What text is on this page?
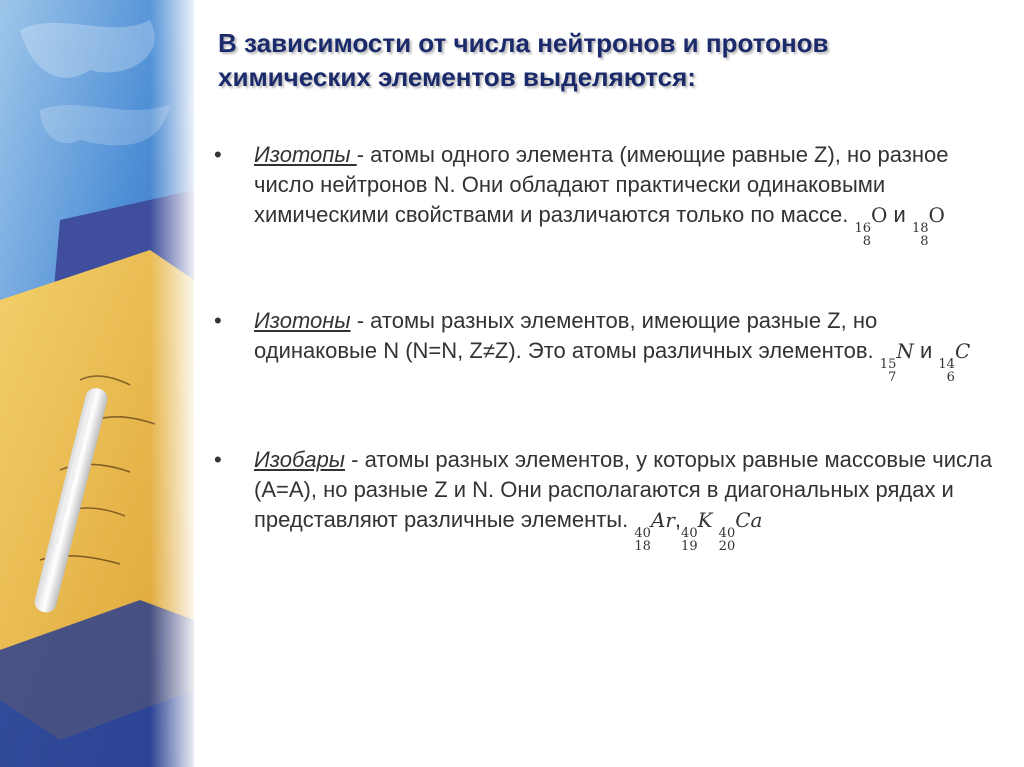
В зависимости от числа нейтронов и протонов химических элементов выделяются:
• Изотопы - атомы одного элемента (имеющие равные Z), но разное число нейтронов N. Они обладают практически одинаковыми химическими свойствами и различаются только по массе.
16
8
O и
18
8
O
• Изотоны - атомы разных элементов, имеющие разные Z, но одинаковые N (N=N, Z≠Z). Это атомы различных элементов.
15
7
N и
14
6
C
• Изобары - атомы разных элементов, у которых равные массовые числа (A=A), но разные Z и N. Они располагаются в диагональных рядах и представляют различные элементы.
40
18
Ar,
40
19
K
40
20
Ca
